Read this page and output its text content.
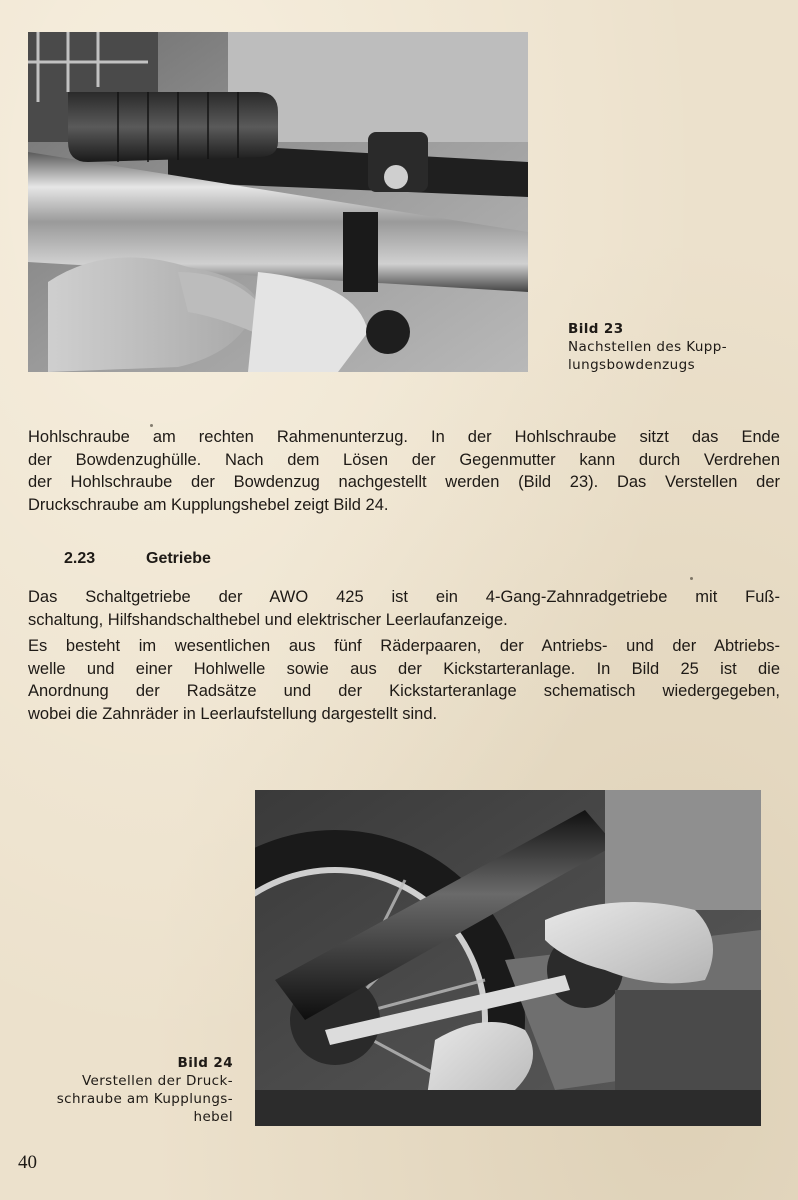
Bild 23
Nachstellen des Kupp-
lungsbowdenzugs
Hohlschraube am rechten Rahmenunterzug. In der Hohlschraube sitzt das Ende
der Bowdenzughülle. Nach dem Lösen der Gegenmutter kann durch Verdrehen
der Hohlschraube der Bowdenzug nachgestellt werden (Bild 23). Das Verstellen der
Druckschraube am Kupplungshebel zeigt Bild 24.
2.23	Getriebe
Das Schaltgetriebe der AWO 425 ist ein 4-Gang-Zahnradgetriebe mit Fuß-
schaltung, Hilfshandschalthebel und elektrischer Leerlaufanzeige.
Es besteht im wesentlichen aus fünf Räderpaaren, der Antriebs- und der Abtriebs-
welle und einer Hohlwelle sowie aus der Kickstarteranlage. In Bild 25 ist die
Anordnung der Radsätze und der Kickstarteranlage schematisch wiedergegeben,
wobei die Zahnräder in Leerlaufstellung dargestellt sind.
Bild 24
Verstellen der Druck-
schraube am Kupplungs-
hebel
40
